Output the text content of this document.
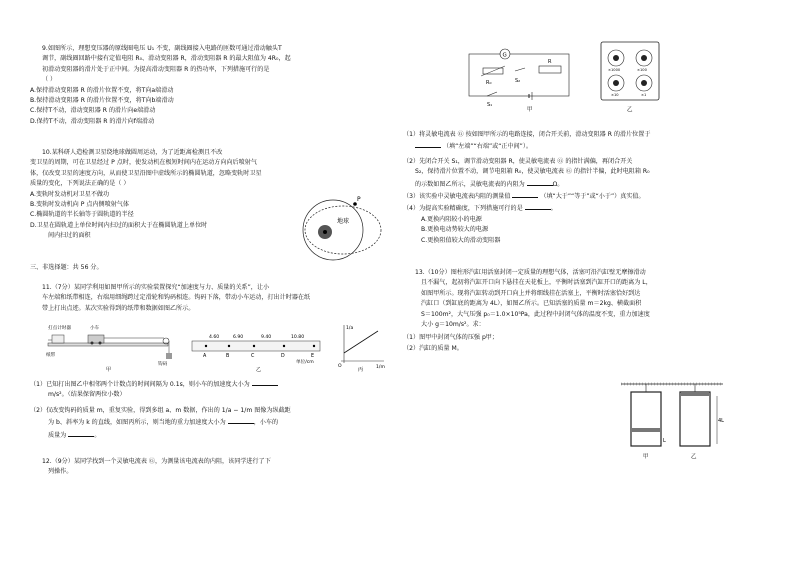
9.如图所示，理想变压器的原线圈电压 U₁ 不变，副线圈接入电路的匝数可通过滑动触头T

调节，副线圈回路中接有定值电阻 R₀、滑动变阻器 R，滑动变阻器 R 的最大阻值为 4R₀，起

初滑动变阻器的滑片处于正中间。为提高滑动变阻器 R 的热功率，下列措施可行的是

（ ）

A.保持滑动变阻器 R 的滑片位置不变，将T向a端滑动

B.保持滑动变阻器 R 的滑片位置不变，将T向b端滑动

C.保持T不动，滑动变阻器 R 的滑片向e端滑动

D.保持T不动，滑动变阻器 R 的滑片向f端滑动

10.某科研人造检测卫星绕地球做圆周运动，为了近距离检测且不改

变卫星的周期，可在卫星经过 P 点时，使发动机在极短时间内在运动方向向后喷射气

体，仅改变卫星的速度方向，从而使卫星沿图中虚线所示的椭圆轨道，忽略变轨时卫星

质量的变化，下列说法正确的是（ ）

A.变轨时发动机对卫星不做功

B.变轨时发动机向 P 点内侧喷射气体

C.椭圆轨道的半长轴等于圆轨道的半径

D.卫星在圆轨道上单位时间内扫过的面积大于在椭圆轨道上单位时

间内扫过的面积

P
地球

三、非选择题：共 56 分。

11.（7分）某同学利用如图甲所示的实验装置探究“加速度与力、质量的关系”，让小

车左端和纸带相连，右端用细绳跨过定滑轮和钩码相连。钩码下落，带动小车运动，打出计时器在纸

带上打出点迹。某次实验得到的纸带和数据如图乙所示。

打点计时器	小车
纸带
钩码
甲
A	B	C	D	E
4.60	6.90	9.40	10.80
单位/cm
乙
1/a
1/m
O
丙

（1）已知打出图乙中相邻两个计数点的时间间隔为 0.1s，则小车的加速度大小为

m/s²。（结果保留两位小数）

（2）仅改变钩码的质量 m，重复实验，得到多组 a、m 数据，作出的 1/a − 1/m 图像为纵截距

为 b、斜率为 k 的直线，如图丙所示，则当地的重力加速度大小为	，小车的

质量为	。

12.（9分）某同学找到一个灵敏电流表 Ⓖ，为测量该电流表的内阻，该同学进行了下

列操作。

G
R₀	S₂
R
S₁
甲
×1000	×100
×10	×1
乙

（1）将灵敏电流表 Ⓖ 按如图甲所示的电路连接，闭合开关前，滑动变阻器 R 的滑片位置于

（填“左端”“右端”或“正中间”）。

（2）先闭合开关 S₁，调节滑动变阻器 R，使灵敏电流表 Ⓖ 的指针满偏，再闭合开关

S₂，保持滑片位置不动，调节电阻箱 R₀，使灵敏电流表 Ⓖ 的指针半偏，此时电阻箱 R₀

的示数如图乙所示，灵敏电流表的内阻为	Ω。

（3）该实验中灵敏电流表内阻的测量值	（填“大于”“等于”或“小于”）真实值。

（4）为提高实验精确度，下列措施可行的是	。

A.更换内阻较小的电源

B.更换电动势较大的电源

C.更换阻值较大的滑动变阻器

13.（10分）图柱形汽缸用活塞封闭一定质量的理想气体，活塞可沿汽缸壁无摩擦滑动

且不漏气，起初将汽缸开口向下悬挂在天花板上，平衡时活塞到汽缸开口的距离为 L，

如图甲所示。现将汽缸转动到开口向上并将细线挂在活塞上，平衡时活塞恰好到达

汽缸口（到缸底的距离为 4L），如图乙所示。已知活塞的质量 m＝2kg、横截面积

S＝100m²，大气压强 p₀＝1.0×10⁵Pa，此过程中封闭气体的温度不变，重力加速度

大小 g＝10m/s²。求：

（1）图甲中封闭气体的压强 p甲；

（2）汽缸的质量 M。

甲
4L
乙
L
